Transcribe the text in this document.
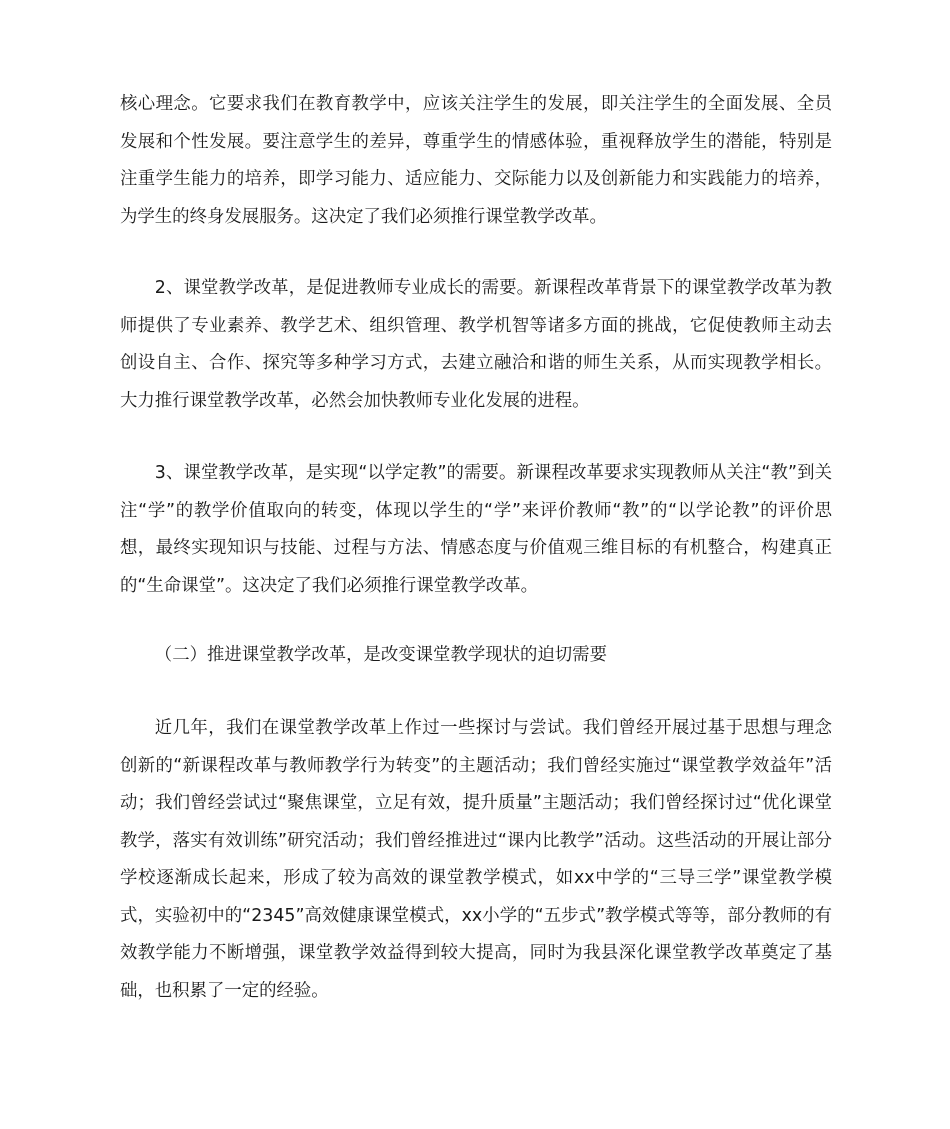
核心理念。它要求我们在教育教学中，应该关注学生的发展，即关注学生的全面发展、全员发展和个性发展。要注意学生的差异，尊重学生的情感体验，重视释放学生的潜能，特别是注重学生能力的培养，即学习能力、适应能力、交际能力以及创新能力和实践能力的培养，为学生的终身发展服务。这决定了我们必须推行课堂教学改革。

2、课堂教学改革，是促进教师专业成长的需要。新课程改革背景下的课堂教学改革为教师提供了专业素养、教学艺术、组织管理、教学机智等诸多方面的挑战，它促使教师主动去创设自主、合作、探究等多种学习方式，去建立融洽和谐的师生关系，从而实现教学相长。大力推行课堂教学改革，必然会加快教师专业化发展的进程。

3、课堂教学改革，是实现“以学定教”的需要。新课程改革要求实现教师从关注“教”到关注“学”的教学价值取向的转变，体现以学生的“学”来评价教师“教”的“以学论教”的评价思想，最终实现知识与技能、过程与方法、情感态度与价值观三维目标的有机整合，构建真正的“生命课堂”。这决定了我们必须推行课堂教学改革。

（二）推进课堂教学改革，是改变课堂教学现状的迫切需要

近几年，我们在课堂教学改革上作过一些探讨与尝试。我们曾经开展过基于思想与理念创新的“新课程改革与教师教学行为转变”的主题活动；我们曾经实施过“课堂教学效益年”活动；我们曾经尝试过“聚焦课堂，立足有效，提升质量”主题活动；我们曾经探讨过“优化课堂教学，落实有效训练”研究活动；我们曾经推进过“课内比教学”活动。这些活动的开展让部分学校逐渐成长起来，形成了较为高效的课堂教学模式，如xx中学的“三导三学”课堂教学模式，实验初中的“2345”高效健康课堂模式，xx小学的“五步式”教学模式等等，部分教师的有效教学能力不断增强，课堂教学效益得到较大提高，同时为我县深化课堂教学改革奠定了基础，也积累了一定的经验。
